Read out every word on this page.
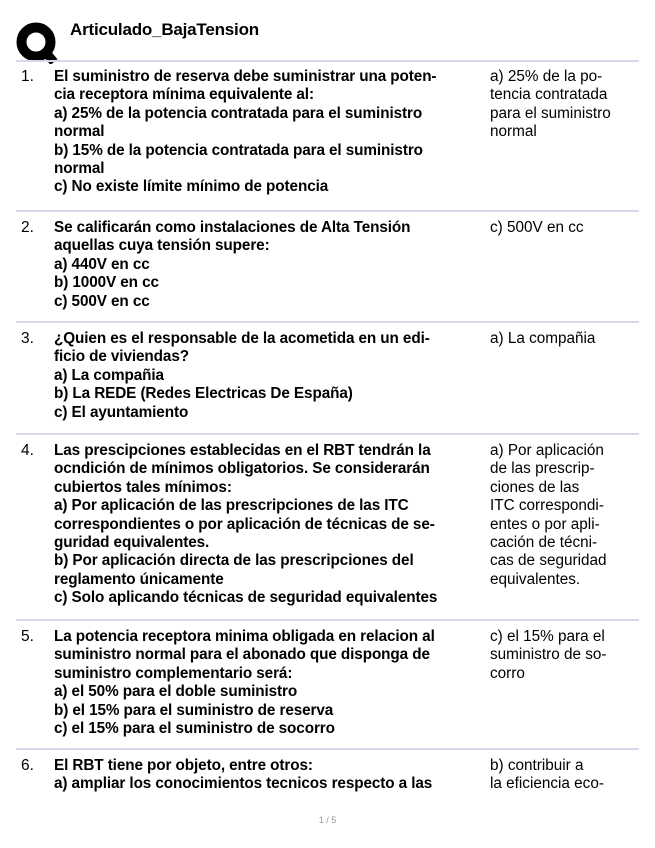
Articulado_BajaTension
1. El suministro de reserva debe suministrar una poten-
cia receptora mínima equivalente al:
a) 25% de la potencia contratada para el suministro
normal
b) 15% de la potencia contratada para el suministro
normal
c) No existe límite mínimo de potencia
a) 25% de la po-
tencia contratada
para el suministro
normal
2. Se calificarán como instalaciones de Alta Tensión
aquellas cuya tensión supere:
a) 440V en cc
b) 1000V en cc
c) 500V en cc
c) 500V en cc
3. ¿Quien es el responsable de la acometida en un edi-
ficio de viviendas?
a) La compañia
b) La REDE (Redes Electricas De España)
c) El ayuntamiento
a) La compañia
4. Las prescipciones establecidas en el RBT tendrán la
ocndición de mínimos obligatorios. Se considerarán
cubiertos tales mínimos:
a) Por aplicación de las prescripciones de las ITC
correspondientes o por aplicación de técnicas de se-
guridad equivalentes.
b) Por aplicación directa de las prescripciones del
reglamento únicamente
c) Solo aplicando técnicas de seguridad equivalentes
a) Por aplicación
de las prescrip-
ciones de las
ITC correspondi-
entes o por apli-
cación de técni-
cas de seguridad
equivalentes.
5. La potencia receptora minima obligada en relacion al
suministro normal para el abonado que disponga de
suministro complementario será:
a) el 50% para el doble suministro
b) el 15% para el suministro de reserva
c) el 15% para el suministro de socorro
c) el 15% para el
suministro de so-
corro
6. El RBT tiene por objeto, entre otros:
a) ampliar los conocimientos tecnicos respecto a las
b) contribuir a
la eficiencia eco-
1 / 5
